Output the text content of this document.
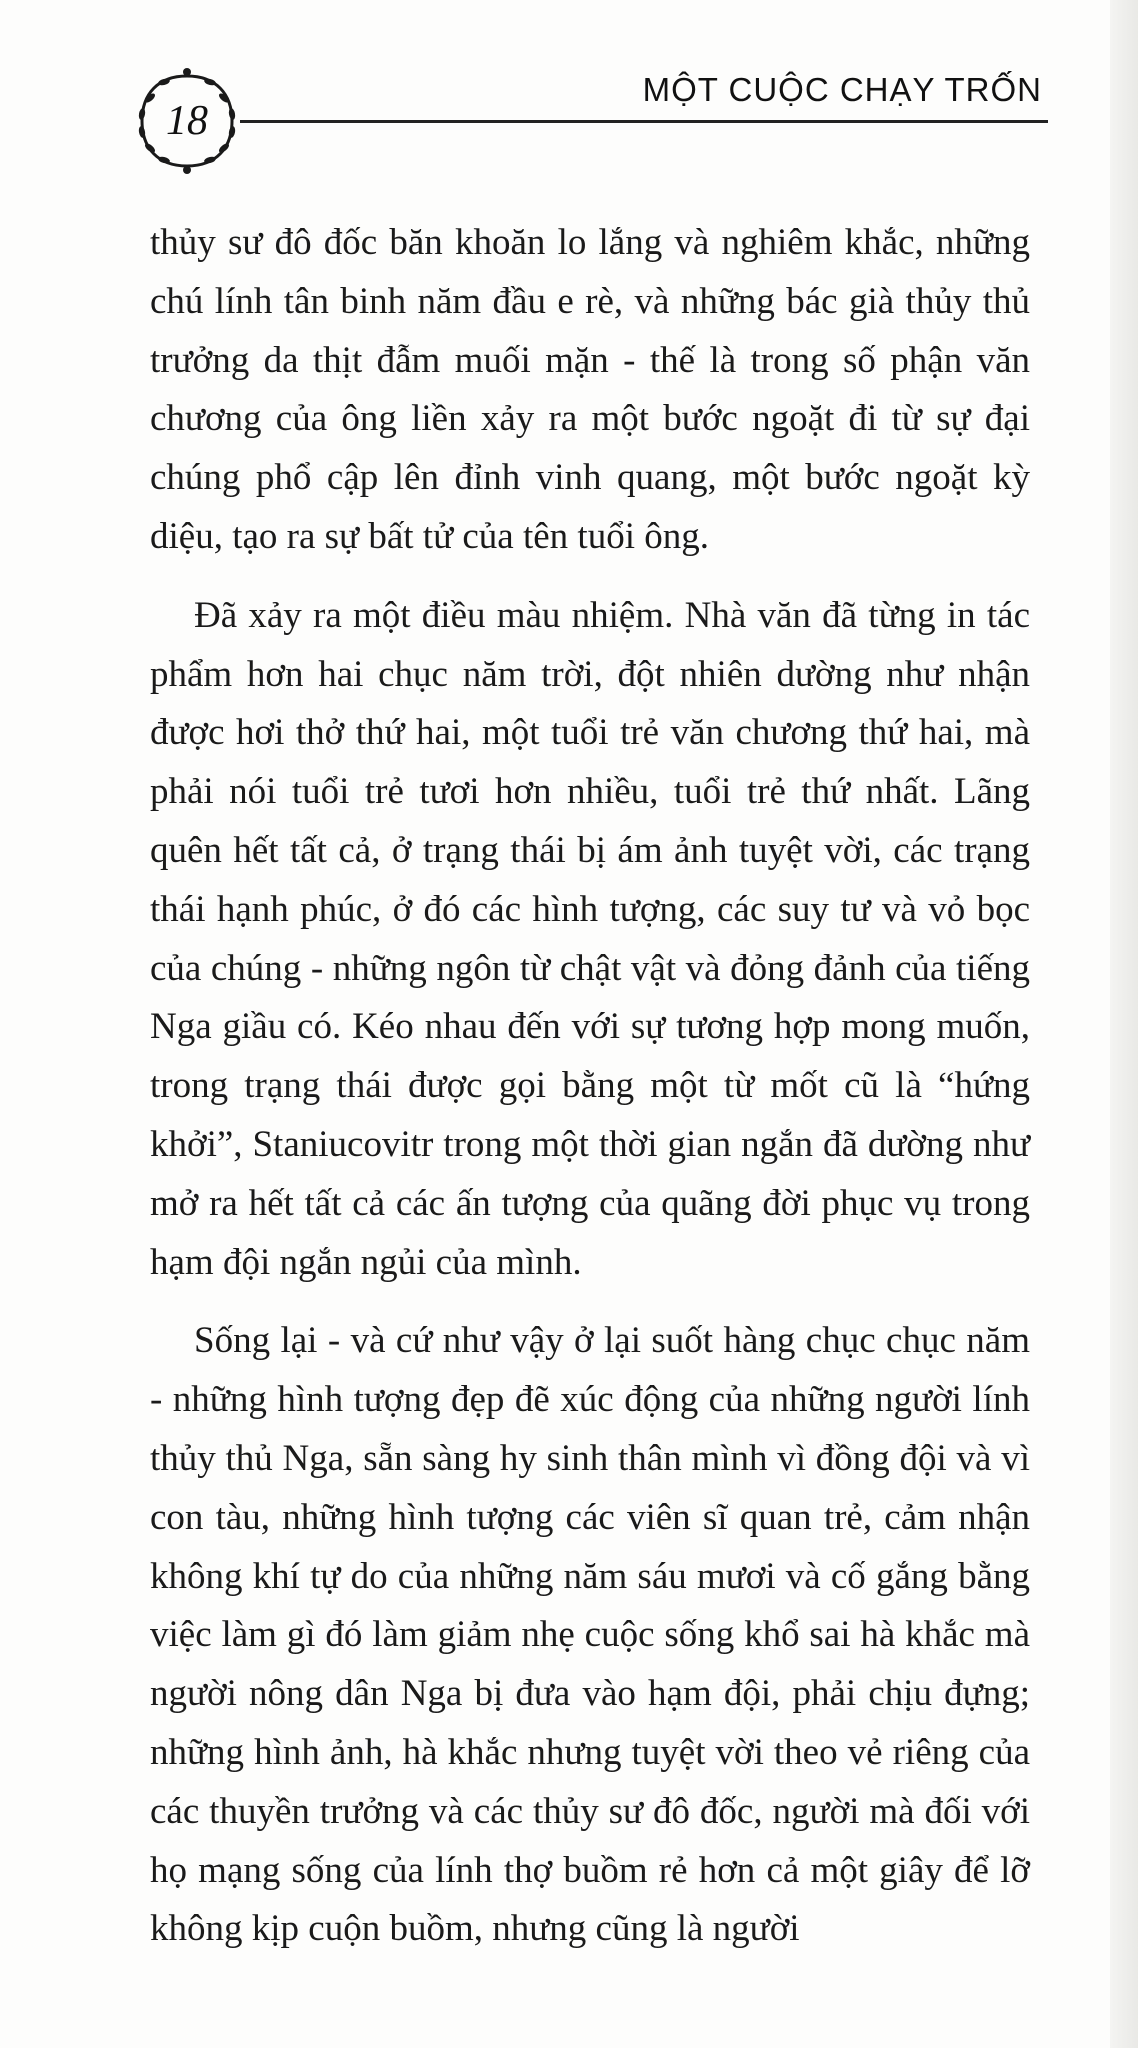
18
MỘT CUỘC CHẠY TRỐN

thủy sư đô đốc băn khoăn lo lắng và nghiêm khắc, những chú lính tân binh năm đầu e rè, và những bác già thủy thủ trưởng da thịt đẫm muối mặn - thế là trong số phận văn chương của ông liền xảy ra một bước ngoặt đi từ sự đại chúng phổ cập lên đỉnh vinh quang, một bước ngoặt kỳ diệu, tạo ra sự bất tử của tên tuổi ông.

Đã xảy ra một điều màu nhiệm. Nhà văn đã từng in tác phẩm hơn hai chục năm trời, đột nhiên dường như nhận được hơi thở thứ hai, một tuổi trẻ văn chương thứ hai, mà phải nói tuổi trẻ tươi hơn nhiều, tuổi trẻ thứ nhất. Lãng quên hết tất cả, ở trạng thái bị ám ảnh tuyệt vời, các trạng thái hạnh phúc, ở đó các hình tượng, các suy tư và vỏ bọc của chúng - những ngôn từ chật vật và đỏng đảnh của tiếng Nga giầu có. Kéo nhau đến với sự tương hợp mong muốn, trong trạng thái được gọi bằng một từ mốt cũ là “hứng khởi”, Staniucovitr trong một thời gian ngắn đã dường như mở ra hết tất cả các ấn tượng của quãng đời phục vụ trong hạm đội ngắn ngủi của mình.

Sống lại - và cứ như vậy ở lại suốt hàng chục chục năm - những hình tượng đẹp đẽ xúc động của những người lính thủy thủ Nga, sẵn sàng hy sinh thân mình vì đồng đội và vì con tàu, những hình tượng các viên sĩ quan trẻ, cảm nhận không khí tự do của những năm sáu mươi và cố gắng bằng việc làm gì đó làm giảm nhẹ cuộc sống khổ sai hà khắc mà người nông dân Nga bị đưa vào hạm đội, phải chịu đựng; những hình ảnh, hà khắc nhưng tuyệt vời theo vẻ riêng của các thuyền trưởng và các thủy sư đô đốc, người mà đối với họ mạng sống của lính thợ buồm rẻ hơn cả một giây để lỡ không kịp cuộn buồm, nhưng cũng là người
